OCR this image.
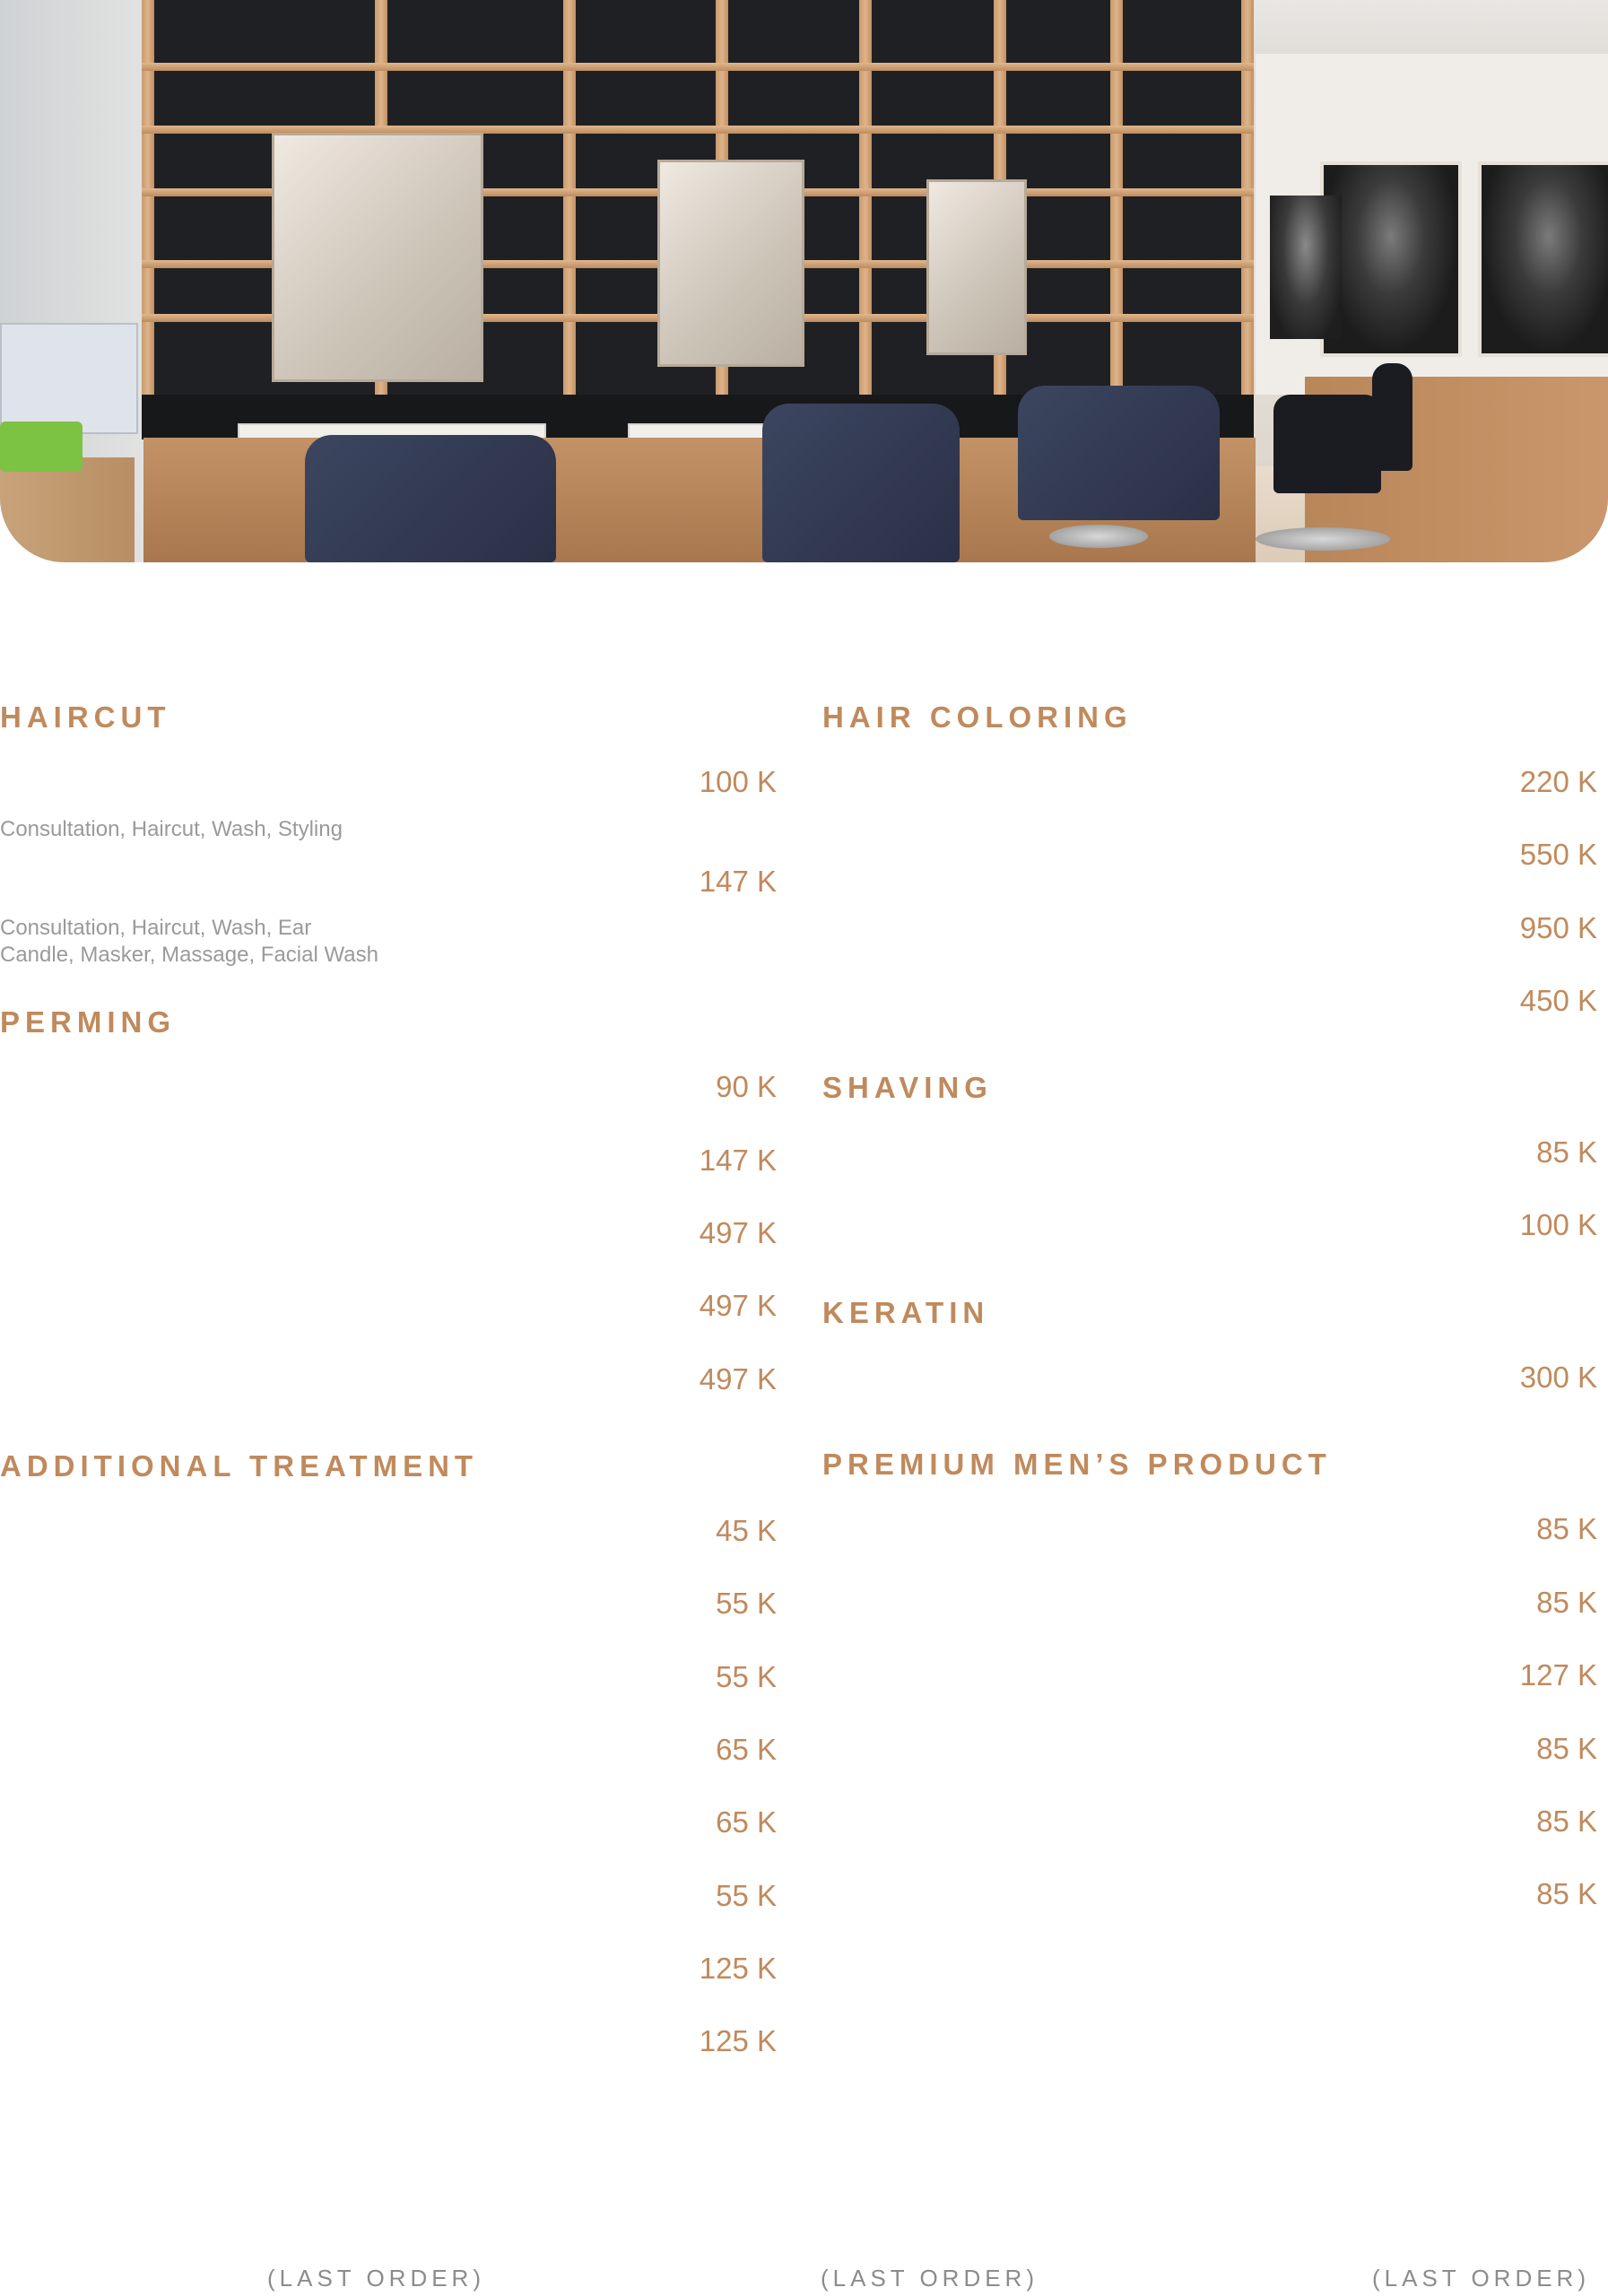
HAIRCUT
100 K
Consultation, Haircut, Wash, Styling
147 K
Consultation, Haircut, Wash, Ear
Candle, Masker, Massage, Facial Wash
PERMING
90 K
147 K
497 K
497 K
497 K
ADDITIONAL TREATMENT
45 K
55 K
55 K
65 K
65 K
55 K
125 K
125 K
HAIR COLORING
220 K
550 K
950 K
450 K
SHAVING
85 K
100 K
KERATIN
300 K
PREMIUM MEN’S PRODUCT
85 K
85 K
127 K
85 K
85 K
85 K
(LAST ORDER)	(LAST ORDER)	(LAST ORDER)
